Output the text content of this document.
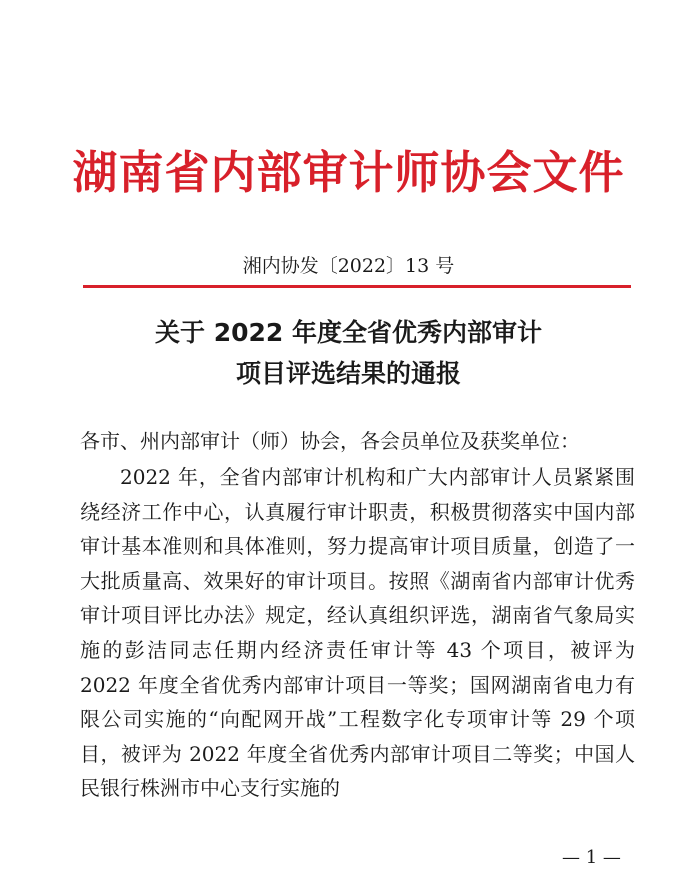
湖南省内部审计师协会文件

湘内协发〔2022〕13 号

关于 2022 年度全省优秀内部审计
项目评选结果的通报

各市、州内部审计（师）协会，各会员单位及获奖单位：

2022 年，全省内部审计机构和广大内部审计人员紧紧围绕经济工作中心，认真履行审计职责，积极贯彻落实中国内部审计基本准则和具体准则，努力提高审计项目质量，创造了一大批质量高、效果好的审计项目。按照《湖南省内部审计优秀审计项目评比办法》规定，经认真组织评选，湖南省气象局实施的彭洁同志任期内经济责任审计等 43 个项目，被评为 2022 年度全省优秀内部审计项目一等奖；国网湖南省电力有限公司实施的“向配网开战”工程数字化专项审计等 29 个项目，被评为 2022 年度全省优秀内部审计项目二等奖；中国人民银行株洲市中心支行实施的

— 1 —
